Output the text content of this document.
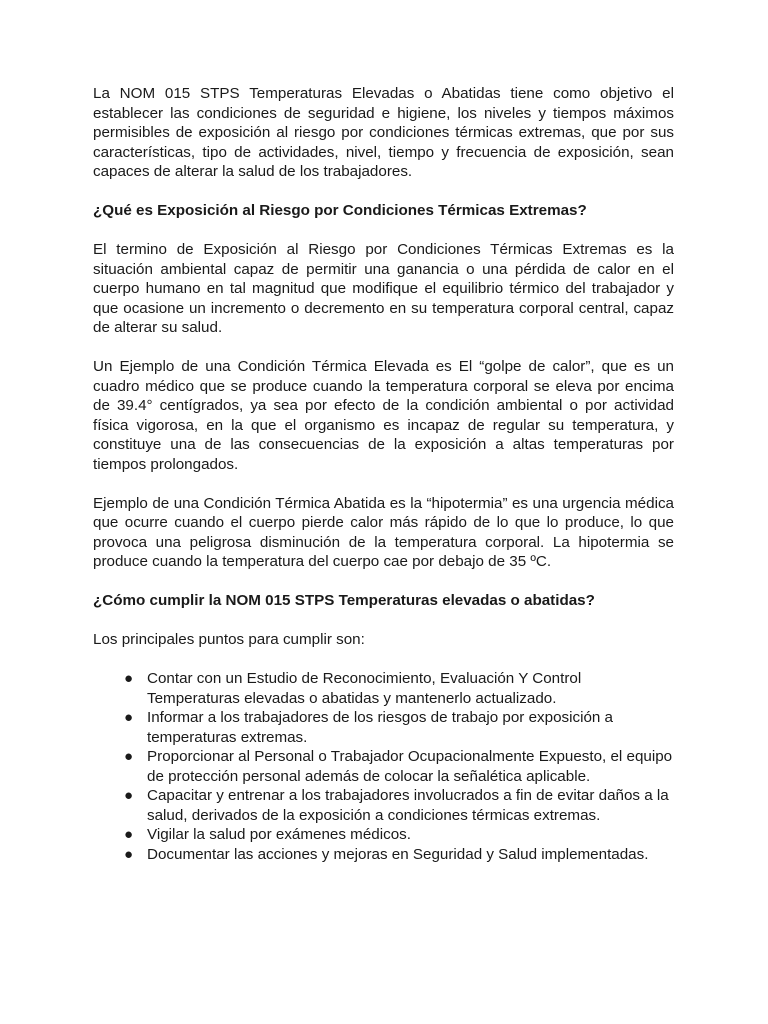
La NOM 015 STPS Temperaturas Elevadas o Abatidas tiene como objetivo el establecer las condiciones de seguridad e higiene, los niveles y tiempos máximos permisibles de exposición al riesgo por condiciones térmicas extremas, que por sus características, tipo de actividades, nivel, tiempo y frecuencia de exposición, sean capaces de alterar la salud de los trabajadores.

¿Qué es Exposición al Riesgo por Condiciones Térmicas Extremas?

El termino de Exposición al Riesgo por Condiciones Térmicas Extremas es la situación ambiental capaz de permitir una ganancia o una pérdida de calor en el cuerpo humano en tal magnitud que modifique el equilibrio térmico del trabajador y que ocasione un incremento o decremento en su temperatura corporal central, capaz de alterar su salud.

Un Ejemplo de una Condición Térmica Elevada es El “golpe de calor”, que es un cuadro médico que se produce cuando la temperatura corporal se eleva por encima de 39.4° centígrados, ya sea por efecto de la condición ambiental o por actividad física vigorosa, en la que el organismo es incapaz de regular su temperatura, y constituye una de las consecuencias de la exposición a altas temperaturas por tiempos prolongados.

Ejemplo de una Condición Térmica Abatida es la “hipotermia” es una urgencia médica que ocurre cuando el cuerpo pierde calor más rápido de lo que lo produce, lo que provoca una peligrosa disminución de la temperatura corporal. La hipotermia se produce cuando la temperatura del cuerpo cae por debajo de 35 ºC.

¿Cómo cumplir la NOM 015 STPS Temperaturas elevadas o abatidas?

Los principales puntos para cumplir son:

● Contar con un Estudio de Reconocimiento, Evaluación Y Control Temperaturas elevadas o abatidas y mantenerlo actualizado.
● Informar a los trabajadores de los riesgos de trabajo por exposición a temperaturas extremas.
● Proporcionar al Personal o Trabajador Ocupacionalmente Expuesto, el equipo de protección personal además de colocar la señalética aplicable.
● Capacitar y entrenar a los trabajadores involucrados a fin de evitar daños a la salud, derivados de la exposición a condiciones térmicas extremas.
● Vigilar la salud por exámenes médicos.
● Documentar las acciones y mejoras en Seguridad y Salud implementadas.
